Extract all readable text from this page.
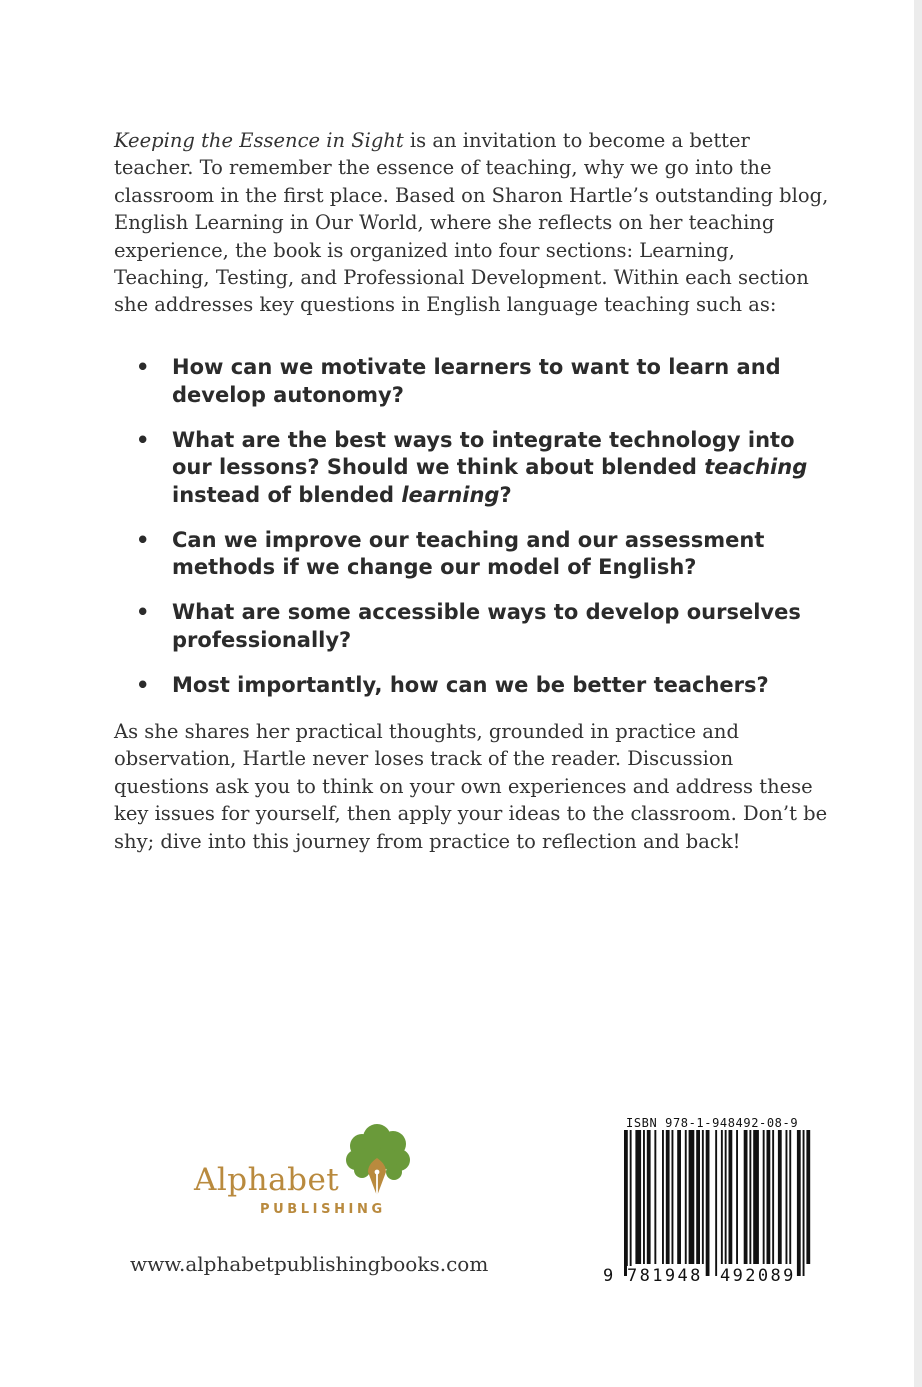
Keeping the Essence in Sight is an invitation to become a better teacher. To remember the essence of teaching, why we go into the classroom in the first place. Based on Sharon Hartle’s outstanding blog, English Learning in Our World, where she reflects on her teaching experience, the book is organized into four sections: Learning, Teaching, Testing, and Professional Development. Within each section she addresses key questions in English language teaching such as:

• How can we motivate learners to want to learn and develop autonomy?
• What are the best ways to integrate technology into our lessons? Should we think about blended teaching instead of blended learning?
• Can we improve our teaching and our assessment methods if we change our model of English?
• What are some accessible ways to develop ourselves professionally?
• Most importantly, how can we be better teachers?

As she shares her practical thoughts, grounded in practice and observation, Hartle never loses track of the reader. Discussion questions ask you to think on your own experiences and address these key issues for yourself, then apply your ideas to the classroom. Don’t be shy; dive into this journey from practice to reflection and back!

Alphabet
PUBLISHING
www.alphabetpublishingbooks.com
ISBN 978-1-948492-08-9
9 781948 492089
